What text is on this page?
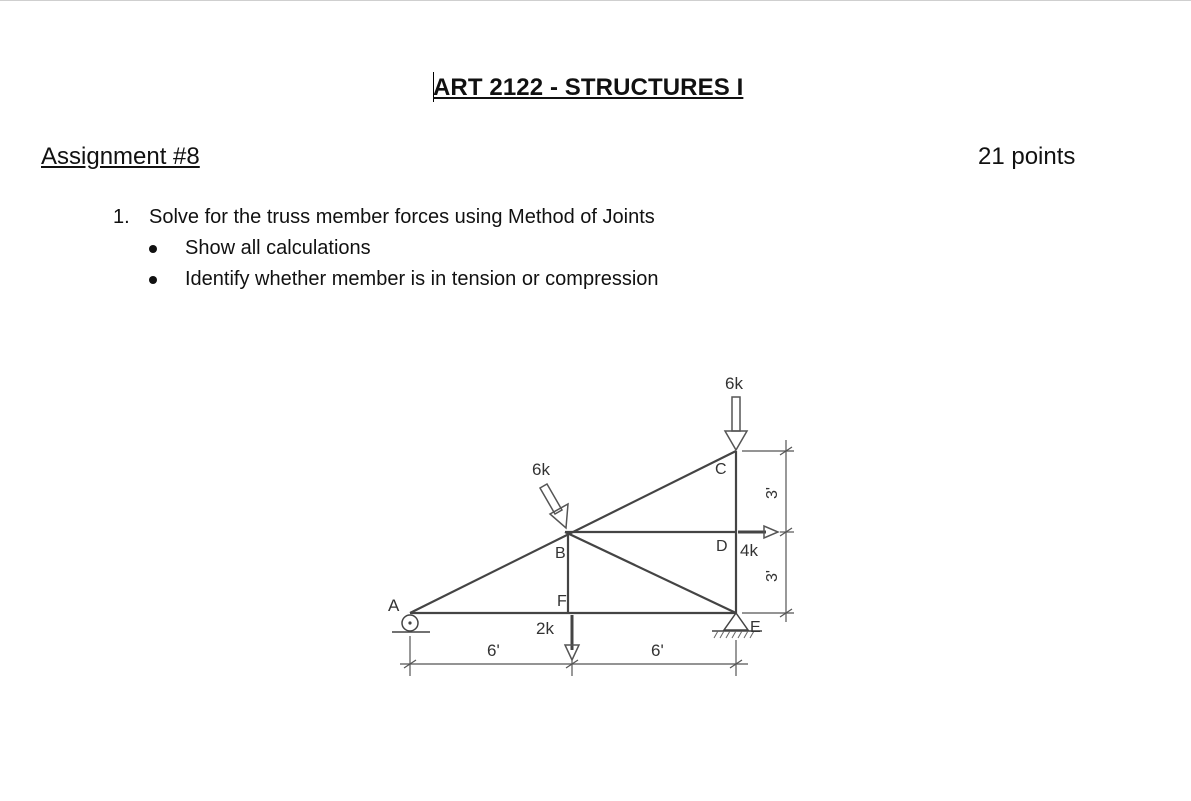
ART 2122 - STRUCTURES I
Assignment #8	21 points
1. Solve for the truss member forces using Method of Joints
Show all calculations
Identify whether member is in tension or compression
A
B
C
D
E
F
6k
6k
2k
4k
6'	6'
3'
3'
